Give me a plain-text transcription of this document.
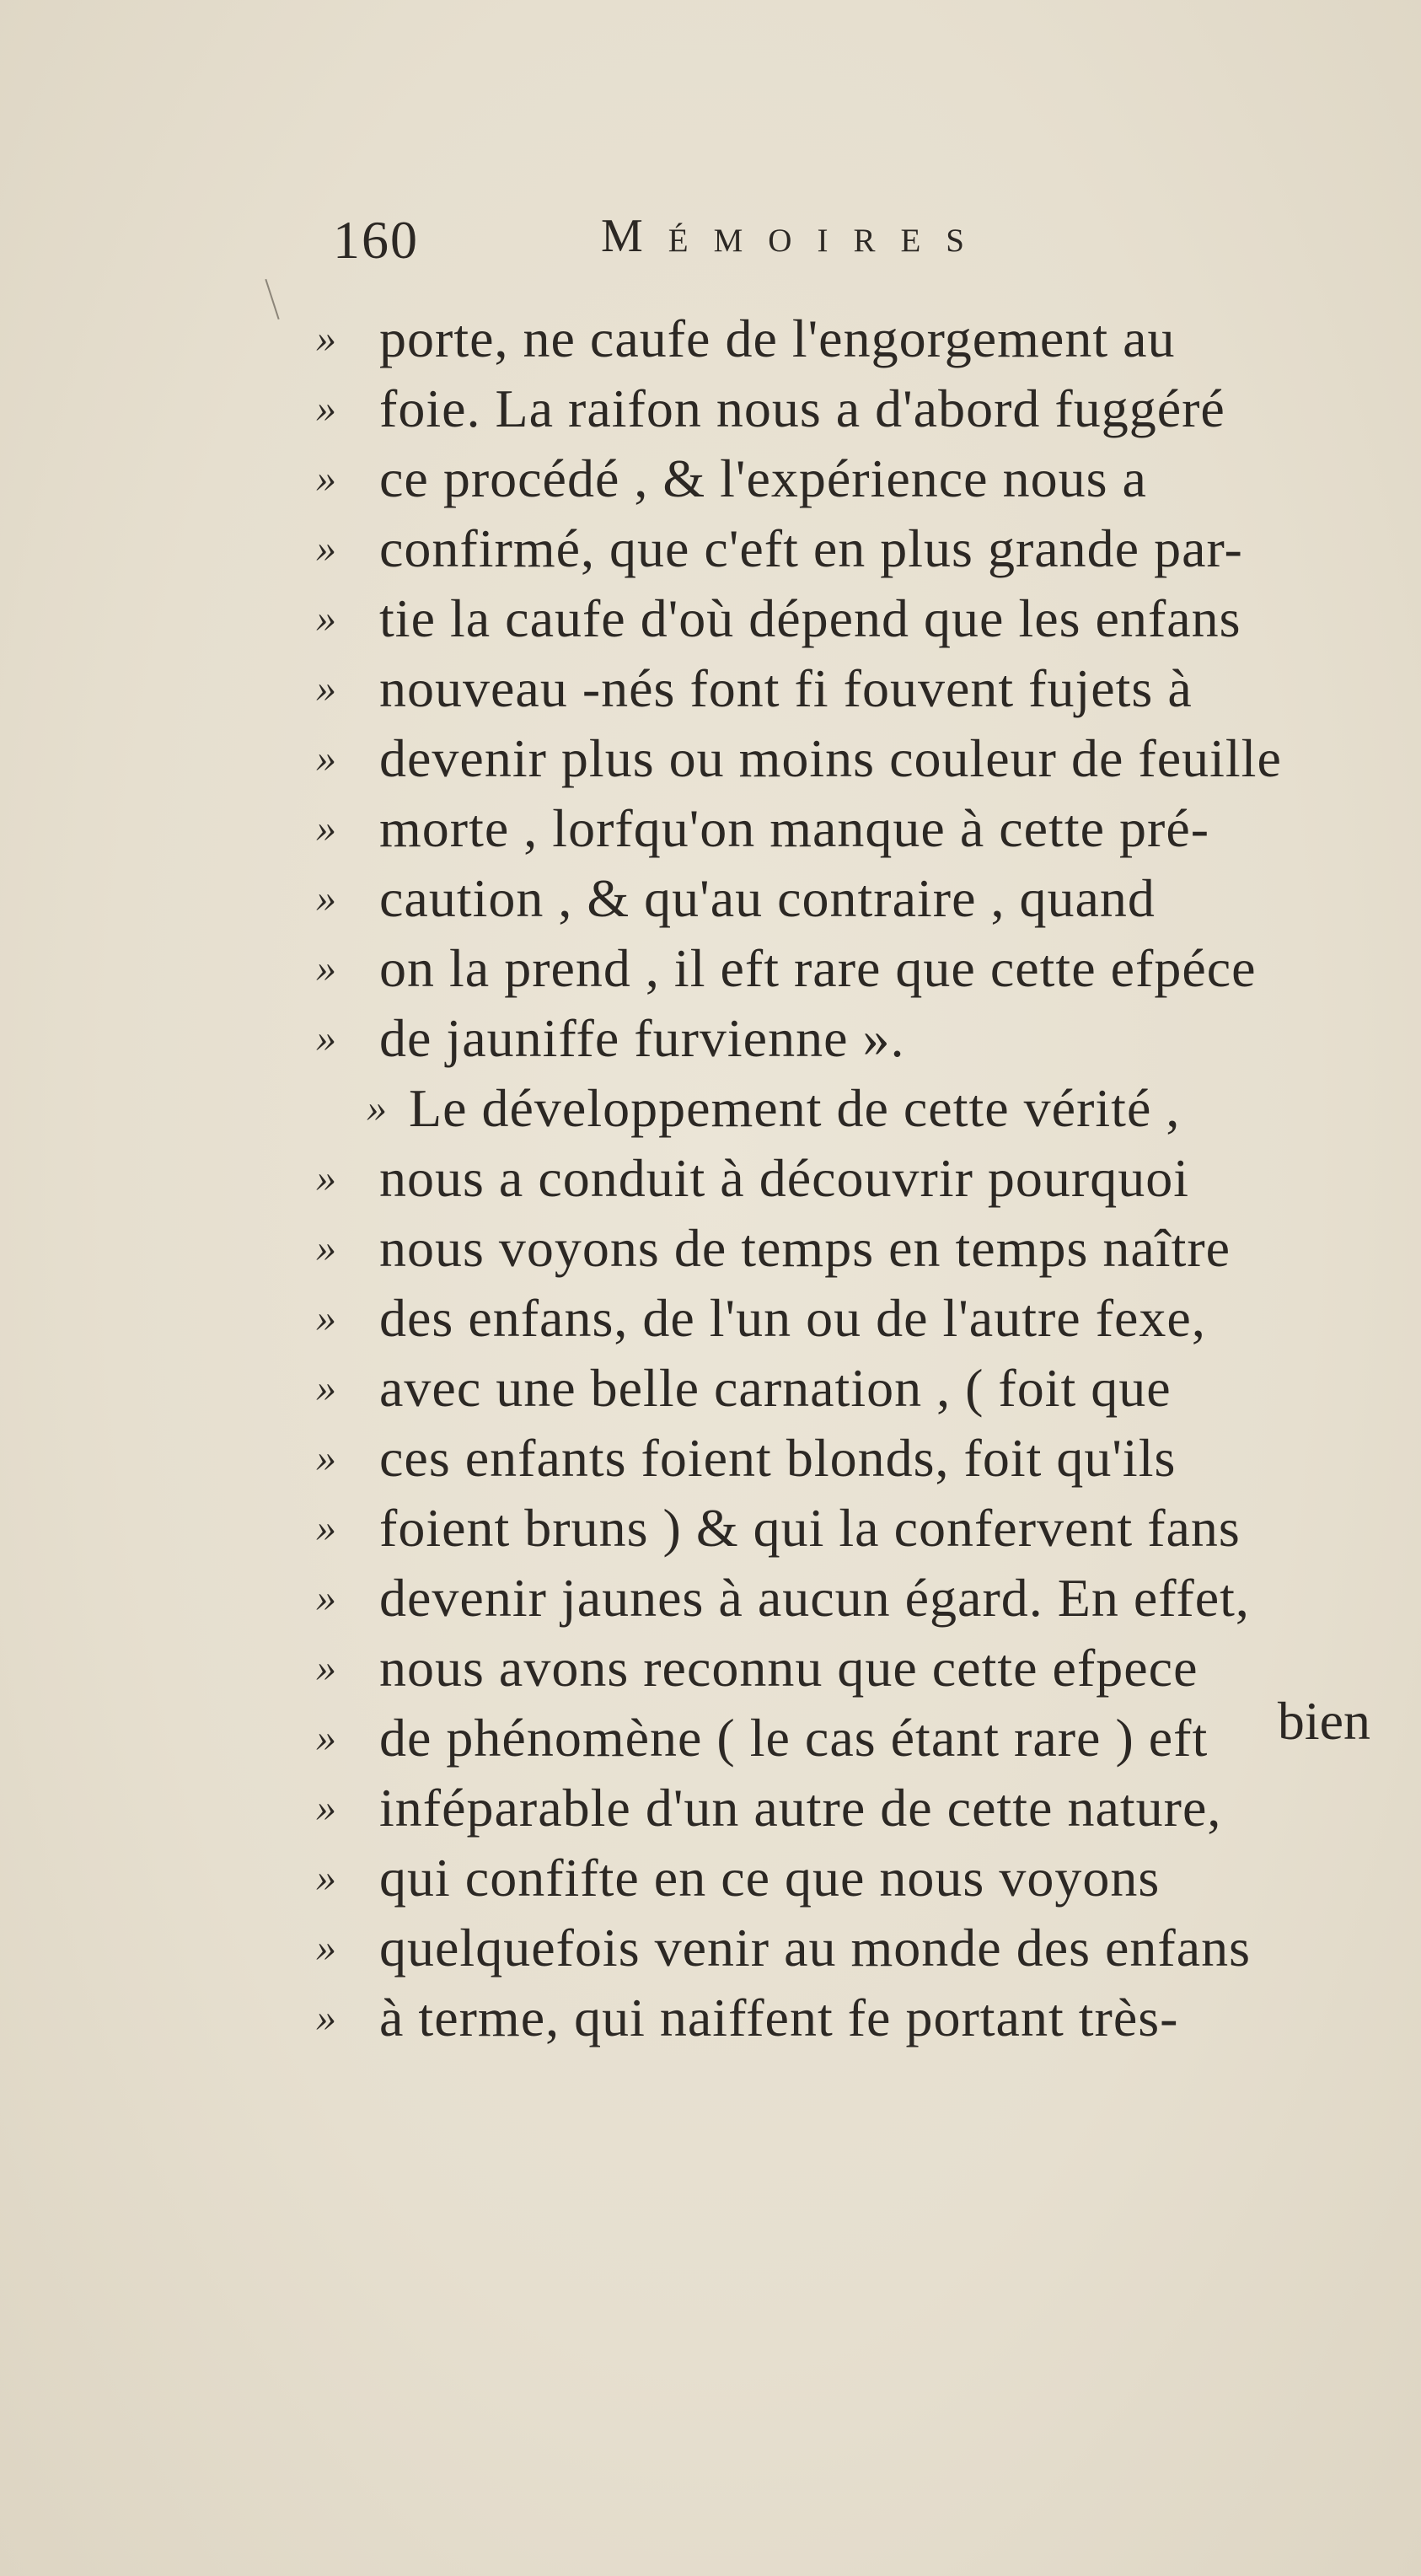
160	Mémoires
» porte, ne caufe de l'engorgement au
» foie. La raifon nous a d'abord fuggéré
» ce procédé , & l'expérience nous a
» confirmé, que c'eft en plus grande par-
» tie la caufe d'où dépend que les enfans
» nouveau -nés font fi fouvent fujets à
» devenir plus ou moins couleur de feuille
» morte , lorfqu'on manque à cette pré-
» caution , & qu'au contraire , quand
» on la prend , il eft rare que cette efpéce
» de jauniffe furvienne ».
» Le développement de cette vérité ,
» nous a conduit à découvrir pourquoi
» nous voyons de temps en temps naître
» des enfans, de l'un ou de l'autre fexe,
» avec une belle carnation , ( foit que
» ces enfants foient blonds, foit qu'ils
» foient bruns ) & qui la confervent fans
» devenir jaunes à aucun égard. En effet,
» nous avons reconnu que cette efpece
» de phénomène ( le cas étant rare ) eft
» inféparable d'un autre de cette nature,
» qui confifte en ce que nous voyons
» quelquefois venir au monde des enfans
» à terme, qui naiffent fe portant très-
bien
